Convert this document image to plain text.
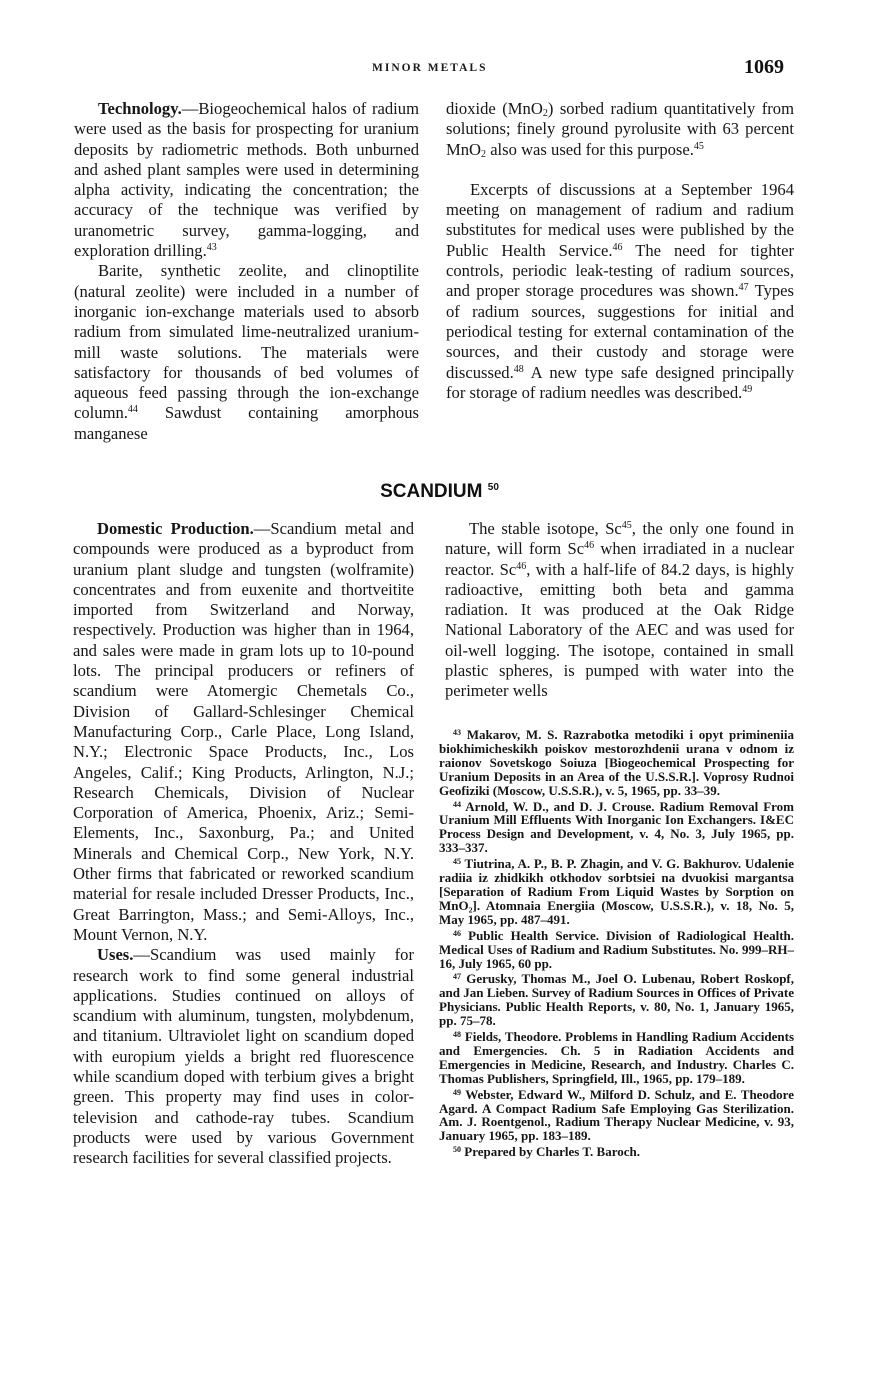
MINOR METALS	1069

Technology.—Biogeochemical halos of radium were used as the basis for prospecting for uranium deposits by radiometric methods. Both unburned and ashed plant samples were used in determining alpha activity, indicating the concentration; the accuracy of the technique was verified by uranometric survey, gamma-logging, and exploration drilling.$^{43}$

Barite, synthetic zeolite, and clinoptilite (natural zeolite) were included in a number of inorganic ion-exchange materials used to absorb radium from simulated lime-neutralized uranium-mill waste solutions. The materials were satisfactory for thousands of bed volumes of aqueous feed passing through the ion-exchange column.$^{44}$ Sawdust containing amorphous manganese

dioxide (MnO$_2$) sorbed radium quantitatively from solutions; finely ground pyrolusite with 63 percent MnO$_2$ also was used for this purpose.$^{45}$

Excerpts of discussions at a September 1964 meeting on management of radium and radium substitutes for medical uses were published by the Public Health Service.$^{46}$ The need for tighter controls, periodic leak-testing of radium sources, and proper storage procedures was shown.$^{47}$ Types of radium sources, suggestions for initial and periodical testing for external contamination of the sources, and their custody and storage were discussed.$^{48}$ A new type safe designed principally for storage of radium needles was described.$^{49}$

SCANDIUM $^{50}$

Domestic Production.—Scandium metal and compounds were produced as a byproduct from uranium plant sludge and tungsten (wolframite) concentrates and from euxenite and thortveitite imported from Switzerland and Norway, respectively. Production was higher than in 1964, and sales were made in gram lots up to 10-pound lots. The principal producers or refiners of scandium were Atomergic Chemetals Co., Division of Gallard-Schlesinger Chemical Manufacturing Corp., Carle Place, Long Island, N.Y.; Electronic Space Products, Inc., Los Angeles, Calif.; King Products, Arlington, N.J.; Research Chemicals, Division of Nuclear Corporation of America, Phoenix, Ariz.; Semi-Elements, Inc., Saxonburg, Pa.; and United Minerals and Chemical Corp., New York, N.Y. Other firms that fabricated or reworked scandium material for resale included Dresser Products, Inc., Great Barrington, Mass.; and Semi-Alloys, Inc., Mount Vernon, N.Y.

Uses.—Scandium was used mainly for research work to find some general industrial applications. Studies continued on alloys of scandium with aluminum, tungsten, molybdenum, and titanium. Ultraviolet light on scandium doped with europium yields a bright red fluorescence while scandium doped with terbium gives a bright green. This property may find uses in color-television and cathode-ray tubes. Scandium products were used by various Government research facilities for several classified projects.

The stable isotope, Sc$^{45}$, the only one found in nature, will form Sc$^{46}$ when irradiated in a nuclear reactor. Sc$^{46}$, with a half-life of 84.2 days, is highly radioactive, emitting both beta and gamma radiation. It was produced at the Oak Ridge National Laboratory of the AEC and was used for oil-well logging. The isotope, contained in small plastic spheres, is pumped with water into the perimeter wells

$^{43}$ Makarov, M. S. Razrabotka metodiki i opyt primineniia biokhimicheskikh poiskov mestorozhdenii urana v odnom iz raionov Sovetskogo Soiuza [Biogeochemical Prospecting for Uranium Deposits in an Area of the U.S.S.R.]. Voprosy Rudnoi Geofiziki (Moscow, U.S.S.R.), v. 5, 1965, pp. 33–39.

$^{44}$ Arnold, W. D., and D. J. Crouse. Radium Removal From Uranium Mill Effluents With Inorganic Ion Exchangers. I&EC Process Design and Development, v. 4, No. 3, July 1965, pp. 333–337.

$^{45}$ Tiutrina, A. P., B. P. Zhagin, and V. G. Bakhurov. Udalenie radiia iz zhidkikh otkhodov sorbtsiei na dvuokisi margantsa [Separation of Radium From Liquid Wastes by Sorption on MnO₂]. Atomnaia Energiia (Moscow, U.S.S.R.), v. 18, No. 5, May 1965, pp. 487–491.

$^{46}$ Public Health Service. Division of Radiological Health. Medical Uses of Radium and Radium Substitutes. No. 999–RH–16, July 1965, 60 pp.

$^{47}$ Gerusky, Thomas M., Joel O. Lubenau, Robert Roskopf, and Jan Lieben. Survey of Radium Sources in Offices of Private Physicians. Public Health Reports, v. 80, No. 1, January 1965, pp. 75–78.

$^{48}$ Fields, Theodore. Problems in Handling Radium Accidents and Emergencies. Ch. 5 in Radiation Accidents and Emergencies in Medicine, Research, and Industry. Charles C. Thomas Publishers, Springfield, Ill., 1965, pp. 179–189.

$^{49}$ Webster, Edward W., Milford D. Schulz, and E. Theodore Agard. A Compact Radium Safe Employing Gas Sterilization. Am. J. Roentgenol., Radium Therapy Nuclear Medicine, v. 93, January 1965, pp. 183–189.

$^{50}$ Prepared by Charles T. Baroch.
